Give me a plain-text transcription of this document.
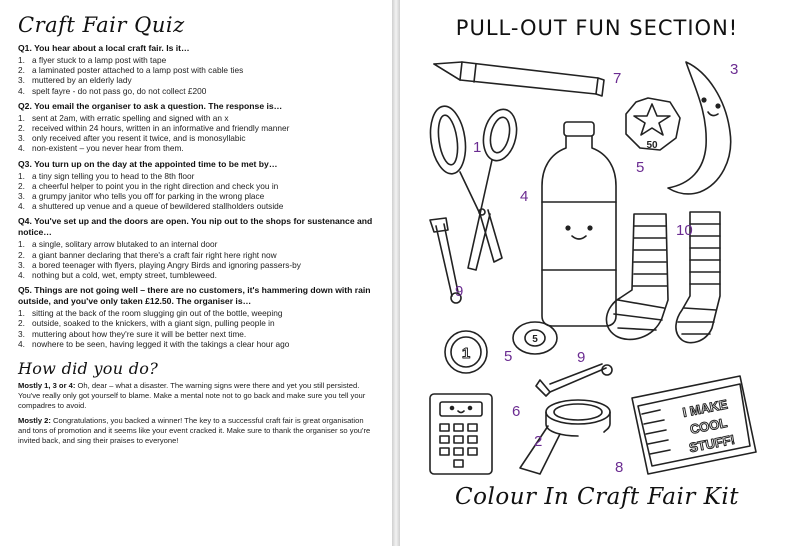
Craft Fair Quiz
Q1. You hear about a local craft fair. Is it…
1. a flyer stuck to a lamp post with tape
2. a laminated poster attached to a lamp post with cable ties
3. muttered by an elderly lady
4. spelt fayre - do not pass go, do not collect £200
Q2. You email the organiser to ask a question. The response is…
1. sent at 2am, with erratic spelling and signed with an x
2. received within 24 hours, written in an informative and friendly manner
3. only received after you resent it twice, and is monosyllabic
4. non-existent – you never hear from them.
Q3. You turn up on the day at the appointed time to be met by…
1. a tiny sign telling you to head to the 8th floor
2. a cheerful helper to point you in the right direction and check you in
3. a grumpy janitor who tells you off for parking in the wrong place
4. a shuttered up venue and a queue of bewildered stallholders outside
Q4. You've set up and the doors are open. You nip out to the shops for sustenance and notice…
1. a single, solitary arrow blutaked to an internal door
2. a giant banner declaring that there's a craft fair right here right now
3. a bored teenager with flyers, playing Angry Birds and ignoring passers-by
4. nothing but a cold, wet, empty street, tumbleweed.
Q5. Things are not going well – there are no customers, it's hammering down with rain outside, and you've only taken £12.50. The organiser is…
1. sitting at the back of the room slugging gin out of the bottle, weeping
2. outside, soaked to the knickers, with a giant sign, pulling people in
3. muttering about how they're sure it will be better next time.
4. nowhere to be seen, having legged it with the takings a clear hour ago
How did you do?
Mostly 1, 3 or 4: Oh, dear – what a disaster. The warning signs were there and yet you still persisted. You've really only got yourself to blame. Make a mental note not to go back and make sure you tell your compadres to avoid.
Mostly 2: Congratulations, you backed a winner! The key to a successful craft fair is great organisation and tons of promotion and it seems like your event cracked it. Make sure to thank the organiser so you're invited back, and sing their praises to everyone!
PULL-OUT FUN SECTION!
50
1
5
I MAKE
COOL
STUFF!
1
2
3
4
5
5
6
7
8
9
9
10
Colour In Craft Fair Kit
